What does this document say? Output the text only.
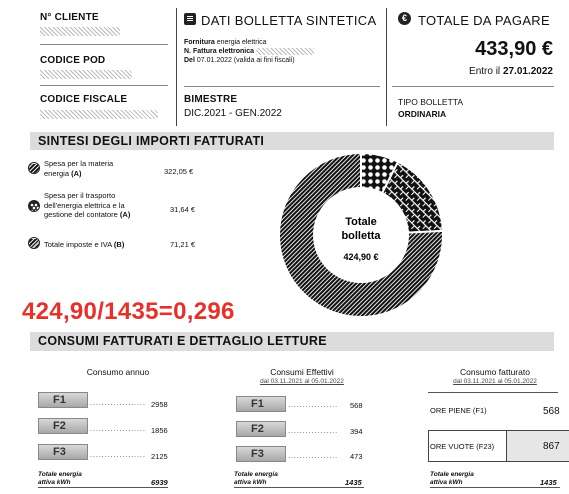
N° CLIENTE
CODICE POD
CODICE FISCALE
DATI BOLLETTA SINTETICA
Fornitura energia elettrica
N. Fattura elettronica
Del 07.01.2022 (valida ai fini fiscali)
BIMESTRE
DIC.2021 - GEN.2022
€ TOTALE DA PAGARE
433,90 €
Entro il 27.01.2022
TIPO BOLLETTA
ORDINARIA
SINTESI DEGLI IMPORTI FATTURATI
Spesa per la materia
energia (A)	322,05 €
Spesa per il trasporto
dell'energia elettrica e la
gestione del contatore (A)
31,64 €
Totale imposte e IVA (B)	71,21 €
Totale
bolletta
424,90 €
424,90/1435=0,296
CONSUMI FATTURATI E DETTAGLIO LETTURE
Consumo annuo
F1	................... 2958
F2	................... 1856
F3	................... 2125
Totale energia
attiva kWh	6939
Consumi Effettivi
dal 03.11.2021 al 05.01.2022
F1	................. 568
F2	................. 394
F3	................. 473
Totale energia
attiva kWh	1435
Consumo fatturato
dal 03.11.2021 al 05.01.2022
ORE PIENE (F1)	568
ORE VUOTE (F23)	867
Totale energia
attiva kWh	1435
